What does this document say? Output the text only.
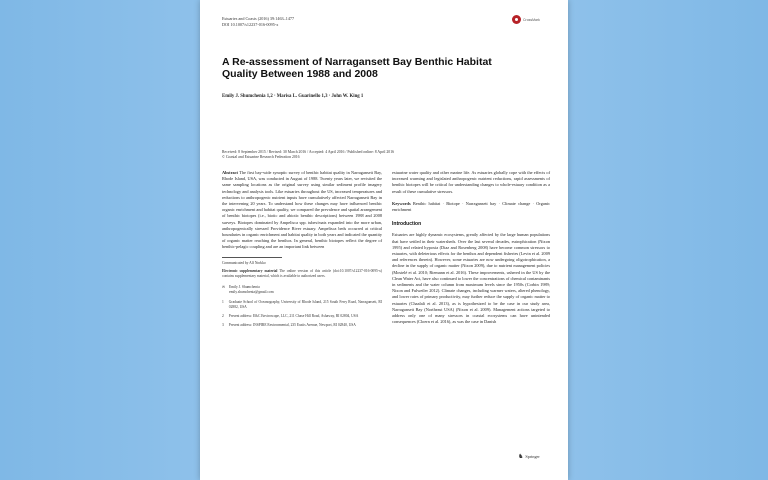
Estuaries and Coasts (2016) 39:1463–1477
DOI 10.1007/s12237-016-0095-x
CrossMark
A Re-assessment of Narragansett Bay Benthic Habitat Quality Between 1988 and 2008
Emily J. Shumchenia 1,2 · Marisa L. Guarinello 1,3 · John W. King 1
Received: 8 September 2015 / Revised: 30 March 2016 / Accepted: 4 April 2016 / Published online: 8 April 2016
© Coastal and Estuarine Research Federation 2016
Abstract The first bay-wide synoptic survey of benthic habitat quality in Narragansett Bay, Rhode Island, USA, was conducted in August of 1988. Twenty years later, we revisited the same sampling locations as the original survey using similar sediment profile imagery technology and analysis tools. Like estuaries throughout the US, increased temperatures and reductions to anthropogenic nutrient inputs have cumulatively affected Narragansett Bay in the intervening 20 years. To understand how these changes may have influenced benthic organic enrichment and habitat quality, we compared the prevalence and spatial arrangement of benthic biotopes (i.e., biotic and abiotic benthic descriptions) between 1988 and 2008 surveys. Biotopes dominated by Ampelisca spp. tubes/mats expanded into the more urban, anthropogenically stressed Providence River estuary. Ampelisca beds occurred at critical boundaries in organic enrichment and habitat quality in both years and indicated the quantity of organic matter reaching the benthos. In general, benthic biotopes reflect the degree of benthic-pelagic coupling and are an important link between
Communicated by Alf Norkko
Electronic supplementary material The online version of this article (doi:10.1007/s12237-016-0095-x) contains supplementary material, which is available to authorized users.
✉ Emily J. Shumchenia
emily.shumchenia@gmail.com
1 Graduate School of Oceanography, University of Rhode Island, 215 South Ferry Road, Narragansett, RI 02882, USA
2 Present address: E&C Enviroscape, LLC, 211 Chase Hill Road, Ashaway, RI 02804, USA
3 Present address: INSPIRE Environmental, 235 Eustis Avenue, Newport, RI 02840, USA
estuarine water quality and other marine life. As estuaries globally cope with the effects of increased warming and legislated anthropogenic nutrient reductions, rapid assessments of benthic biotopes will be critical for understanding changes to whole-estuary condition as a result of these cumulative stressors.
Keywords Benthic habitat · Biotope · Narragansett bay · Climate change · Organic enrichment
Introduction
Estuaries are highly dynamic ecosystems, greatly affected by the large human populations that have settled in their watersheds. Over the last several decades, eutrophication (Nixon 1995) and related hypoxia (Diaz and Rosenberg 2008) have become common stressors to estuaries, with deleterious effects for the benthos and dependent fisheries (Levin et al. 2009 and references therein). However, some estuaries are now undergoing oligotrophication, a decline in the supply of organic matter (Nixon 2009), due to nutrient management policies (Mostelé et al. 2010; Riemann et al. 2016). These improvements, ushered in the US by the Clean Water Act, have also continued to lower the concentrations of chemical contaminants in sediments and the water column from maximum levels since the 1950s (Corbin 1989; Nixon and Fulweiler 2012). Climate changes, including warmer waters, altered phenology, and lower rates of primary productivity, may further reduce the supply of organic matter to estuaries (Chaalali et al. 2013), as is hypothesized to be the case in our study area, Narragansett Bay (Northeast USA) (Nixon et al. 2009). Management actions targeted to address only one of many stressors in coastal ecosystems can have unintended consequences (Cloern et al. 2016), as was the case in Danish
♞ Springer
